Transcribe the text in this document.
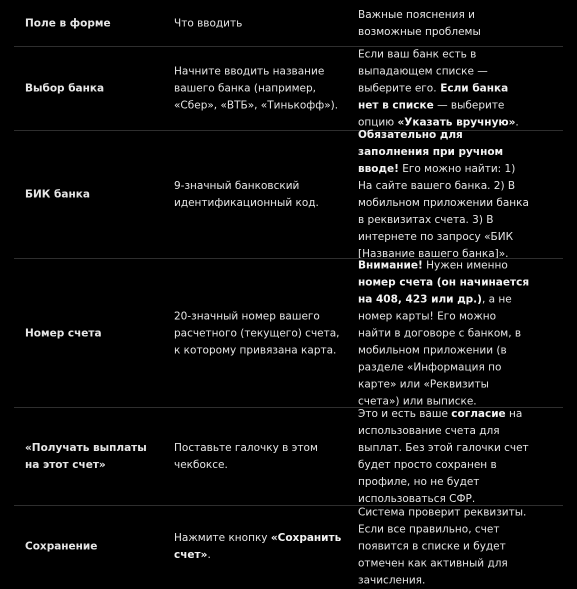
Поле в форме	Что вводить
Важные пояснения и
возможные проблемы
Выбор банка
Начните вводить название вашего банка (например, «Сбер», «ВТБ», «Тинькофф»).
Если ваш банк есть в выпадающем списке — выберите его. Если банка нет в списке — выберите опцию «Указать вручную».
БИК банка
9-значный банковский идентификационный код.
Обязательно для заполнения при ручном вводе! Его можно найти: 1) На сайте вашего банка. 2) В мобильном приложении банка в реквизитах счета. 3) В интернете по запросу «БИК [Название вашего банка]».
Номер счета
20-значный номер вашего расчетного (текущего) счета, к которому привязана карта.
Внимание! Нужен именно номер счета (он начинается на 408, 423 или др.), а не номер карты! Его можно найти в договоре с банком, в мобильном приложении (в разделе «Информация по карте» или «Реквизиты счета») или выписке.
«Получать выплаты на этот счет»
Поставьте галочку в этом чекбоксе.
Это и есть ваше согласие на использование счета для выплат. Без этой галочки счет будет просто сохранен в профиле, но не будет использоваться СФР.
Сохранение
Нажмите кнопку «Сохранить счет».
Система проверит реквизиты. Если все правильно, счет появится в списке и будет отмечен как активный для зачисления.
